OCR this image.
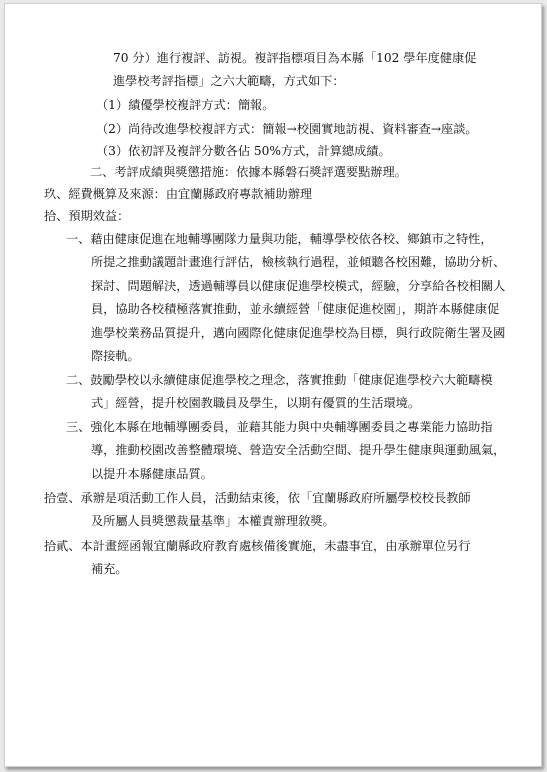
70 分）進行複評、訪視。複評指標項目為本縣「102 學年度健康促
進學校考評指標」之六大範疇，方式如下：
（1）績優學校複評方式：簡報。
（2）尚待改進學校複評方式：簡報→校園實地訪視、資料審查→座談。
（3）依初評及複評分數各佔 50%方式，計算總成績。
二、考評成績與獎懲措施：依據本縣磐石獎評選要點辦理。
玖、經費概算及來源：由宜蘭縣政府專款補助辦理
拾、預期效益：
一、藉由健康促進在地輔導團隊力量與功能，輔導學校依各校、鄉鎮市之特性，
所提之推動議題計畫進行評估，檢核執行過程，並傾聽各校困難，協助分析、
探討、問題解決，透過輔導員以健康促進學校模式，經驗，分享給各校相關人
員，協助各校積極落實推動，並永續經營「健康促進校園」，期許本縣健康促
進學校業務品質提升，邁向國際化健康促進學校為目標，與行政院衛生署及國
際接軌。
二、鼓勵學校以永續健康促進學校之理念，落實推動「健康促進學校六大範疇模
式」經營，提升校園教職員及學生，以期有優質的生活環境。
三、強化本縣在地輔導團委員，並藉其能力與中央輔導團委員之專業能力協助指
導，推動校園改善整體環境、營造安全活動空間、提升學生健康與運動風氣，
以提升本縣健康品質。
拾壹、承辦是項活動工作人員，活動結束後，依「宜蘭縣政府所屬學校校長教師
及所屬人員獎懲裁量基準」本權責辦理敘獎。
拾貳、本計畫經函報宜蘭縣政府教育處核備後實施，未盡事宜，由承辦單位另行
補充。
